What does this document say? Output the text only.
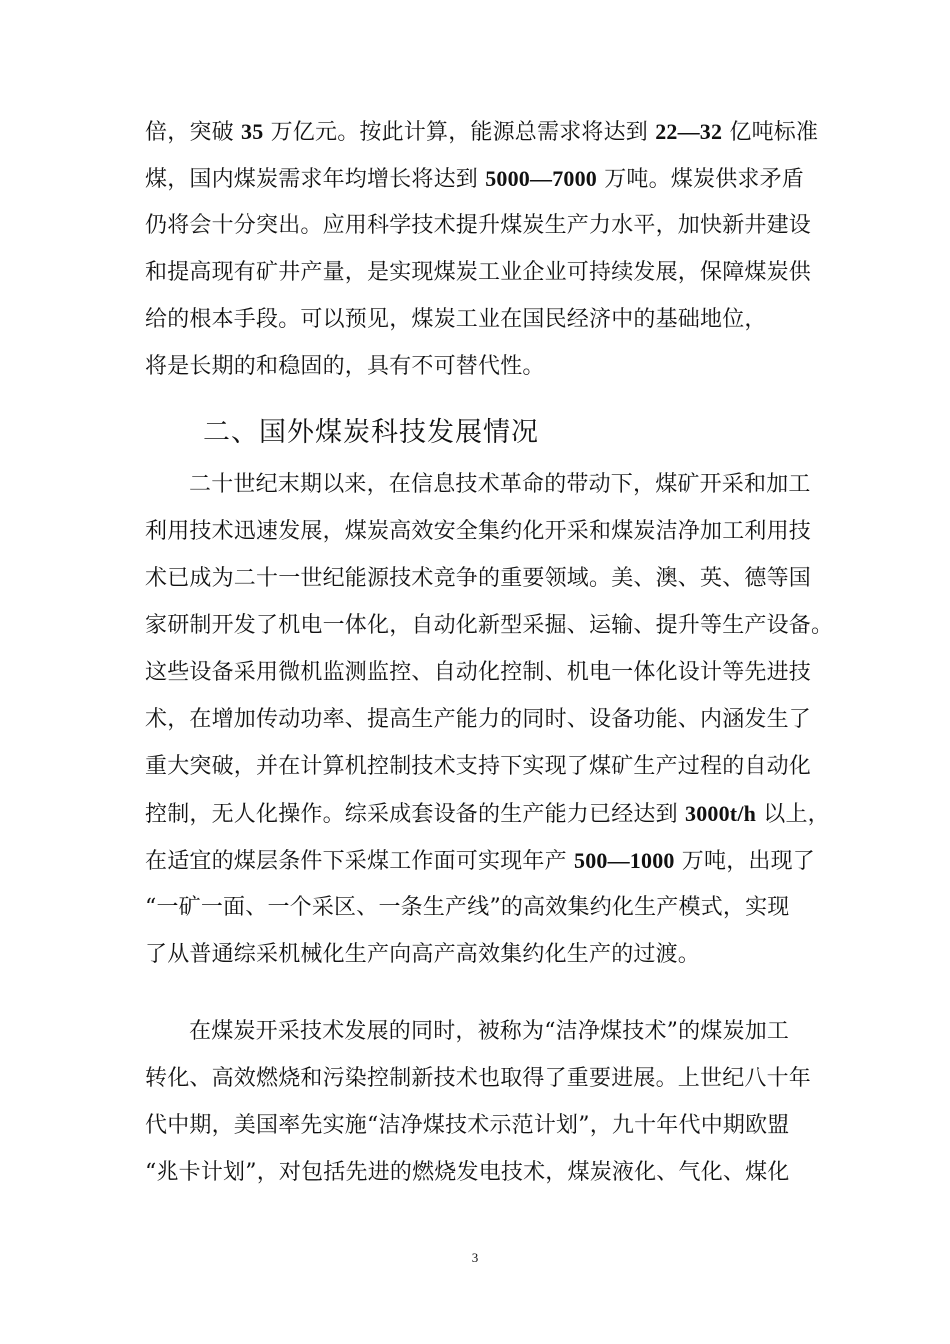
倍，突破 35 万亿元。按此计算，能源总需求将达到 22—32 亿吨标准
煤，国内煤炭需求年均增长将达到 5000—7000 万吨。煤炭供求矛盾
仍将会十分突出。应用科学技术提升煤炭生产力水平，加快新井建设
和提高现有矿井产量，是实现煤炭工业企业可持续发展，保障煤炭供
给的根本手段。可以预见，煤炭工业在国民经济中的基础地位，
将是长期的和稳固的，具有不可替代性。
二、国外煤炭科技发展情况
二十世纪末期以来，在信息技术革命的带动下，煤矿开采和加工
利用技术迅速发展，煤炭高效安全集约化开采和煤炭洁净加工利用技
术已成为二十一世纪能源技术竞争的重要领域。美、澳、英、德等国
家研制开发了机电一体化，自动化新型采掘、运输、提升等生产设备。
这些设备采用微机监测监控、自动化控制、机电一体化设计等先进技
术，在增加传动功率、提高生产能力的同时、设备功能、内涵发生了
重大突破，并在计算机控制技术支持下实现了煤矿生产过程的自动化
控制，无人化操作。综采成套设备的生产能力已经达到 3000t/h 以上，
在适宜的煤层条件下采煤工作面可实现年产 500—1000 万吨，出现了
“一矿一面、一个采区、一条生产线”的高效集约化生产模式，实现
了从普通综采机械化生产向高产高效集约化生产的过渡。
在煤炭开采技术发展的同时，被称为“洁净煤技术”的煤炭加工
转化、高效燃烧和污染控制新技术也取得了重要进展。上世纪八十年
代中期，美国率先实施“洁净煤技术示范计划”，九十年代中期欧盟
“兆卡计划”，对包括先进的燃烧发电技术，煤炭液化、气化、煤化
3
